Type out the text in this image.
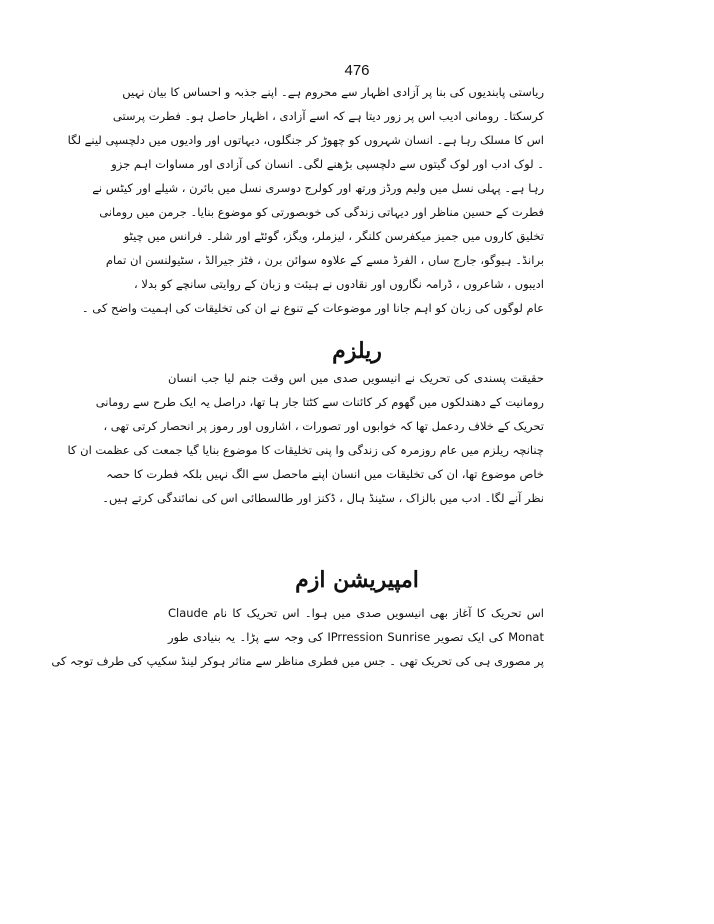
476
ریاستی پابندیوں کی بنا پر آزادی اظہار سے محروم ہے۔ اپنے جذبہ و احساس کا بیان نہیں
کرسکتا۔ رومانی ادیب اس پر زور دیتا ہے کہ اسے آزادی ، اظہار حاصل ہو۔ فطرت پرستی
اس کا مسلک رہا ہے۔ انسان شہروں کو چھوڑ کر جنگلوں، دیہاتوں اور وادیوں میں دلچسپی لینے لگا
۔ لوک ادب اور لوک گیتوں سے دلچسپی بڑھنے لگی۔ انسان کی آزادی اور مساوات اہم جزو
رہا ہے۔ پہلی نسل میں ولیم ورڈز ورتھ اور کولرج دوسری نسل میں بائرن ، شیلے اور کیٹس نے
فطرت کے حسین مناظر اور دیہاتی زندگی کی خوبصورتی کو موضوع بنایا۔ جرمن میں رومانی
تخلیق کاروں میں جمیز میکفرسن کلنگر ، لیزملر، ویگز، گوئٹے اور شلر۔ فرانس میں چیٹو
برانڈ۔ ہیوگو، جارج ساں ، الفرڈ مسے کے علاوہ سوائن برن ، فٹز جیرالڈ ، سٹیولنسن ان تمام
ادیبوں ، شاعروں ، ڈرامہ نگاروں اور نقادوں نے ہیئت و زبان کے روایتی سانچے کو بدلا ،
عام لوگوں کی زبان کو اہم جانا اور موضوعات کے تنوع نے ان کی تخلیقات کی اہمیت واضح کی ۔
ریلزم
حقیقت پسندی کی تحریک نے انیسویں صدی میں اس وقت جنم لیا جب انسان
رومانیت کے دھندلکوں میں گھوم کر کائنات سے کٹتا جار ہا تھا، دراصل یہ ایک طرح سے رومانی
تحریک کے خلاف ردعمل تھا کہ خوابوں اور تصورات ، اشاروں اور رموز پر انحصار کرتی تھی ،
چنانچہ ریلزم میں عام روزمرہ کی زندگی وا پنی تخلیقات کا موضوع بنایا گیا جمعت کی عظمت ان کا
خاص موضوع تھا، ان کی تخلیقات میں انسان اپنے ماحصل سے الگ نہیں بلکہ فطرت کا حصہ
نظر آنے لگا۔ ادب میں بالزاک ، سٹینڈ ہال ، ڈکنز اور طالسطائی اس کی نمائندگی کرتے ہیں۔
امپیریشن ازم
اس تحریک کا آغاز بھی انیسویں صدی میں ہوا۔ اس تحریک کا نام Claude
Monat کی ایک تصویر IPrression Sunrise کی وجہ سے پڑا۔ یہ بنیادی طور
پر مصوری ہی کی تحریک تھی ۔ جس میں فطری مناظر سے متاثر ہوکر لینڈ سکیپ کی طرف توجہ کی
